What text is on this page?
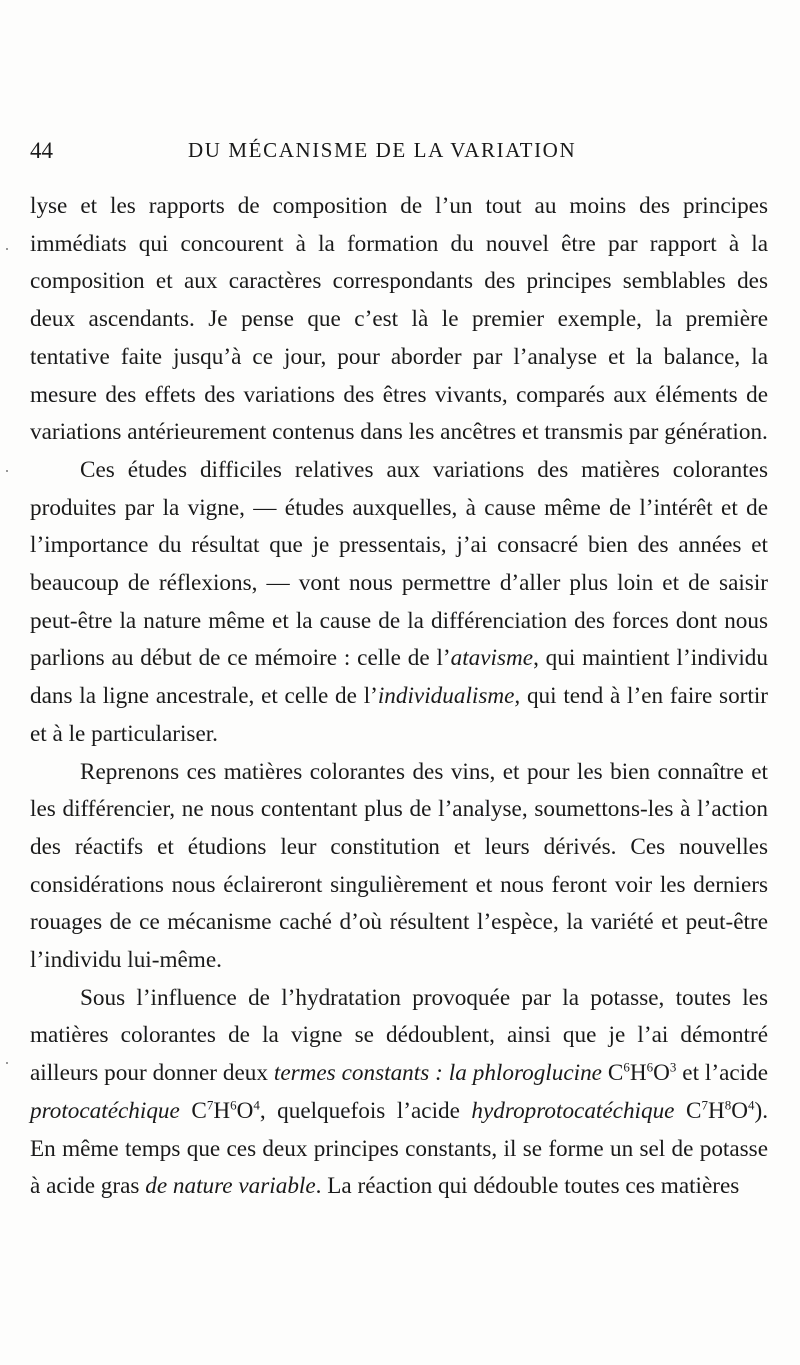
44	DU MÉCANISME DE LA VARIATION

lyse et les rapports de composition de l’un tout au moins des principes immédiats qui concourent à la formation du nouvel être par rapport à la composition et aux caractères correspondants des principes semblables des deux ascendants. Je pense que c’est là le premier exemple, la première tentative faite jusqu’à ce jour, pour aborder par l’analyse et la balance, la mesure des effets des variations des êtres vivants, comparés aux éléments de variations antérieurement contenus dans les ancêtres et transmis par génération.

Ces études difficiles relatives aux variations des matières colorantes produites par la vigne, — études auxquelles, à cause même de l’intérêt et de l’importance du résultat que je pressentais, j’ai consacré bien des années et beaucoup de réflexions, — vont nous permettre d’aller plus loin et de saisir peut-être la nature même et la cause de la différenciation des forces dont nous parlions au début de ce mémoire : celle de l’atavisme, qui maintient l’individu dans la ligne ancestrale, et celle de l’individualisme, qui tend à l’en faire sortir et à le particulariser.

Reprenons ces matières colorantes des vins, et pour les bien connaître et les différencier, ne nous contentant plus de l’analyse, soumettons-les à l’action des réactifs et étudions leur constitution et leurs dérivés. Ces nouvelles considérations nous éclaireront singulièrement et nous feront voir les derniers rouages de ce mécanisme caché d’où résultent l’espèce, la variété et peut-être l’individu lui-même.

Sous l’influence de l’hydratation provoquée par la potasse, toutes les matières colorantes de la vigne se dédoublent, ainsi que je l’ai démontré ailleurs pour donner deux termes constants : la phloroglucine $C^6H^6O^3$ et l’acide protocatéchique $C^7H^6O^4$, quelquefois l’acide hydroprotocatéchique $C^7H^8O^4$). En même temps que ces deux principes constants, il se forme un sel de potasse à acide gras de nature variable. La réaction qui dédouble toutes ces matières
